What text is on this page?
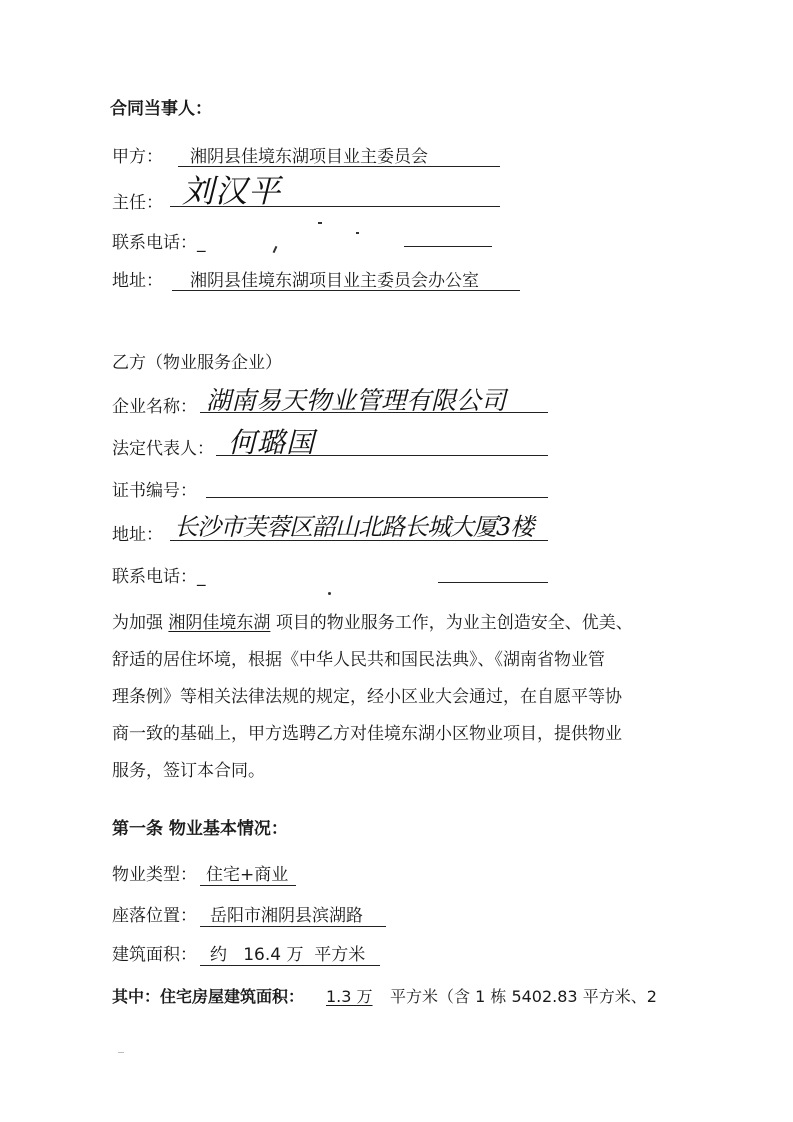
合同当事人：
甲方： 湘阴县佳境东湖项目业主委员会
主任： 刘汉平
联系电话：_
地址： 湘阴县佳境东湖项目业主委员会办公室
乙方（物业服务企业）
企业名称： 湖南易天物业管理有限公司
法定代表人： 何璐国
证书编号：
地址： 长沙市芙蓉区韶山北路长城大厦3楼
联系电话：_
为加强 湘阴佳境东湖 项目的物业服务工作，为业主创造安全、优美、
舒适的居住坏境，根据《中华人民共和国民法典》、《湖南省物业管
理条例》等相关法律法规的规定，经小区业大会通过，在自愿平等协
商一致的基础上，甲方选聘乙方对佳境东湖小区物业项目，提供物业
服务，签订本合同。
第一条 物业基本情况：
物业类型： 住宅+商业
座落位置： 岳阳市湘阴县滨湖路
建筑面积： 约   16.4 万  平方米
其中：住宅房屋建筑面积： 1.3 万 平方米（含 1 栋 5402.83 平方米、2
